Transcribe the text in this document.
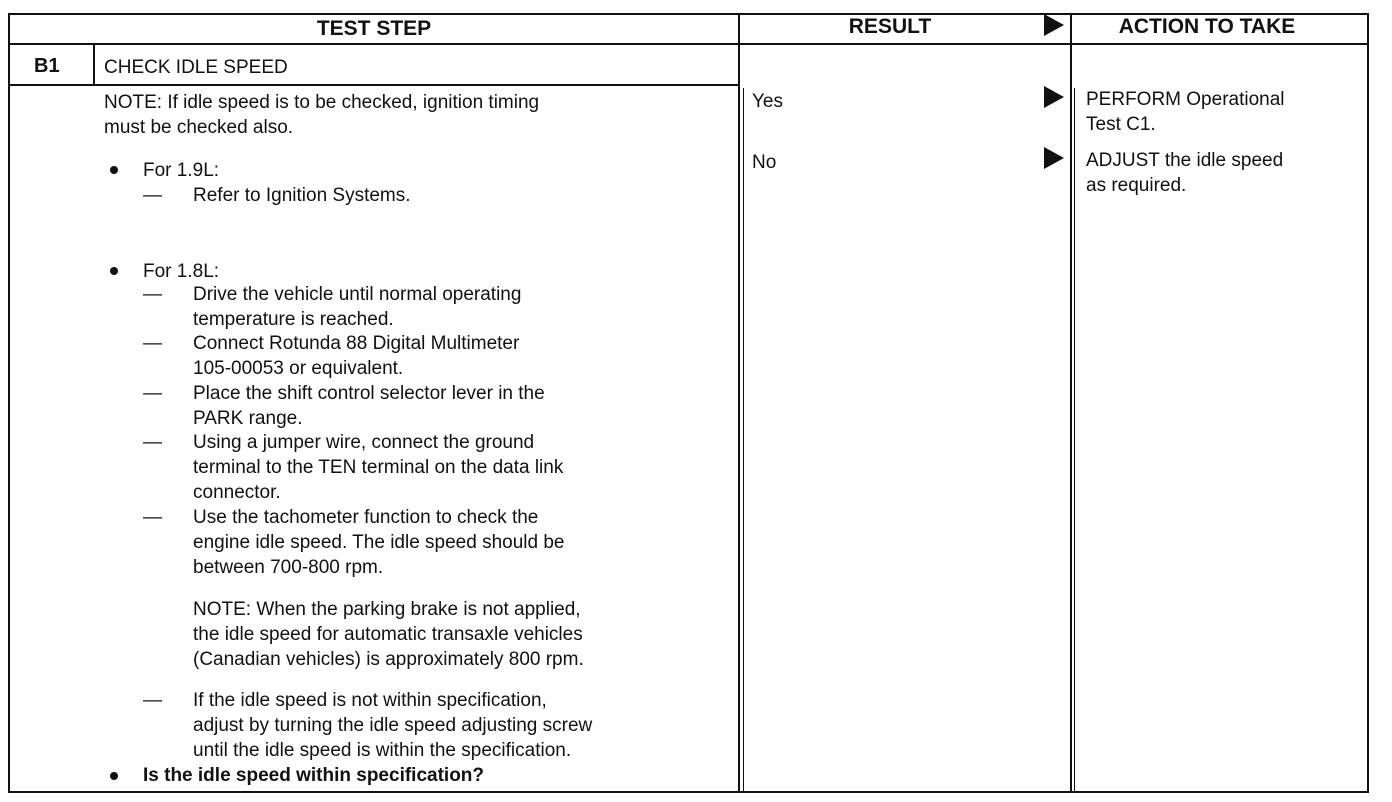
TEST STEP	RESULT	ACTION TO TAKE
B1 CHECK IDLE SPEED
NOTE: If idle speed is to be checked, ignition timing
must be checked also.
For 1.9L:
— Refer to Ignition Systems.
For 1.8L:
— Drive the vehicle until normal operating
temperature is reached.
— Connect Rotunda 88 Digital Multimeter
105-00053 or equivalent.
— Place the shift control selector lever in the
PARK range.
— Using a jumper wire, connect the ground
terminal to the TEN terminal on the data link
connector.
— Use the tachometer function to check the
engine idle speed. The idle speed should be
between 700-800 rpm.
NOTE: When the parking brake is not applied,
the idle speed for automatic transaxle vehicles
(Canadian vehicles) is approximately 800 rpm.
— If the idle speed is not within specification,
adjust by turning the idle speed adjusting screw
until the idle speed is within the specification.
Is the idle speed within specification?
Yes	PERFORM Operational
Test C1.
No	ADJUST the idle speed
as required.
